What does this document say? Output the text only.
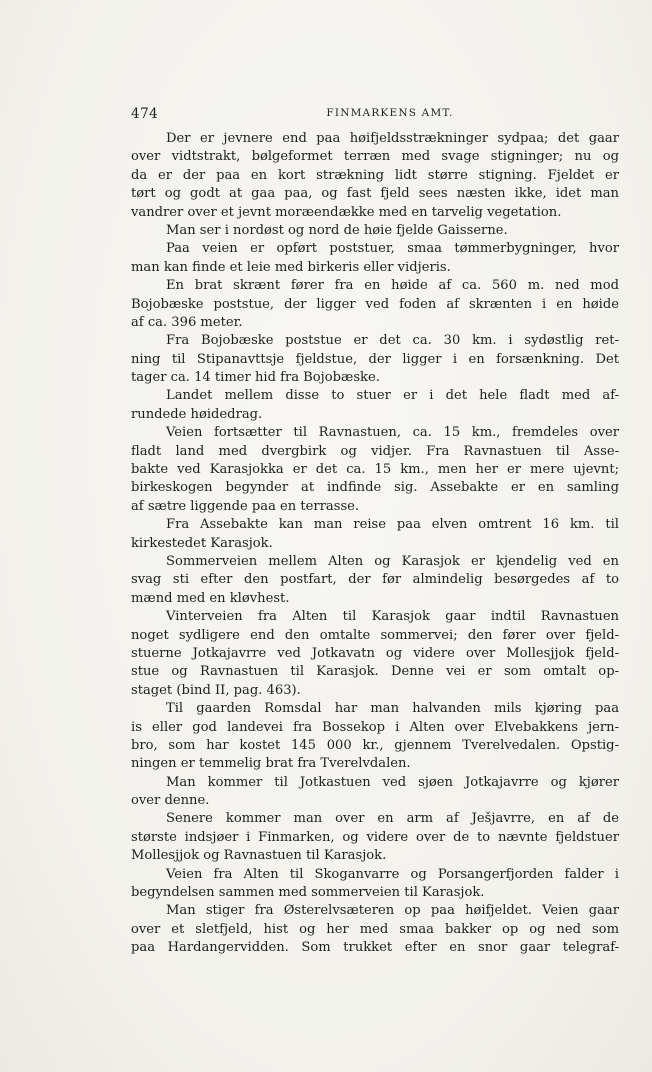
474	FINMARKENS AMT.
Der er jevnere end paa høifjeldsstrækninger sydpaa; det gaar
over vidtstrakt, bølgeformet terræn med svage stigninger; nu og
da er der paa en kort strækning lidt større stigning. Fjeldet er
tørt og godt at gaa paa, og fast fjeld sees næsten ikke, idet man
vandrer over et jevnt moræendække med en tarvelig vegetation.
Man ser i nordøst og nord de høie fjelde Gaisserne.
Paa veien er opført poststuer, smaa tømmerbygninger, hvor
man kan finde et leie med birkeris eller vidjeris.
En brat skrænt fører fra en høide af ca. 560 m. ned mod
Bojobæske poststue, der ligger ved foden af skrænten i en høide
af ca. 396 meter.
Fra Bojobæske poststue er det ca. 30 km. i sydøstlig ret-
ning til Stipanavttsje fjeldstue, der ligger i en forsænkning. Det
tager ca. 14 timer hid fra Bojobæske.
Landet mellem disse to stuer er i det hele fladt med af-
rundede høidedrag.
Veien fortsætter til Ravnastuen, ca. 15 km., fremdeles over
fladt land med dvergbirk og vidjer. Fra Ravnastuen til Asse-
bakte ved Karasjokka er det ca. 15 km., men her er mere ujevnt;
birkeskogen begynder at indfinde sig. Assebakte er en samling
af sætre liggende paa en terrasse.
Fra Assebakte kan man reise paa elven omtrent 16 km. til
kirkestedet Karasjok.
Sommerveien mellem Alten og Karasjok er kjendelig ved en
svag sti efter den postfart, der før almindelig besørgedes af to
mænd med en kløvhest.
Vinterveien fra Alten til Karasjok gaar indtil Ravnastuen
noget sydligere end den omtalte sommervei; den fører over fjeld-
stuerne Jotkajavrre ved Jotkavatn og videre over Mollesjjok fjeld-
stue og Ravnastuen til Karasjok. Denne vei er som omtalt op-
staget (bind II, pag. 463).
Til gaarden Romsdal har man halvanden mils kjøring paa
is eller god landevei fra Bossekop i Alten over Elvebakkens jern-
bro, som har kostet 145 000 kr., gjennem Tverelvedalen. Opstig-
ningen er temmelig brat fra Tverelvdalen.
Man kommer til Jotkastuen ved sjøen Jotkajavrre og kjører
over denne.
Senere kommer man over en arm af Ješjavrre, en af de
største indsjøer i Finmarken, og videre over de to nævnte fjeldstuer
Mollesjjok og Ravnastuen til Karasjok.
Veien fra Alten til Skoganvarre og Porsangerfjorden falder i
begyndelsen sammen med sommerveien til Karasjok.
Man stiger fra Østerelvsæteren op paa høifjeldet. Veien gaar
over et sletfjeld, hist og her med smaa bakker op og ned som
paa Hardangervidden. Som trukket efter en snor gaar telegraf-
